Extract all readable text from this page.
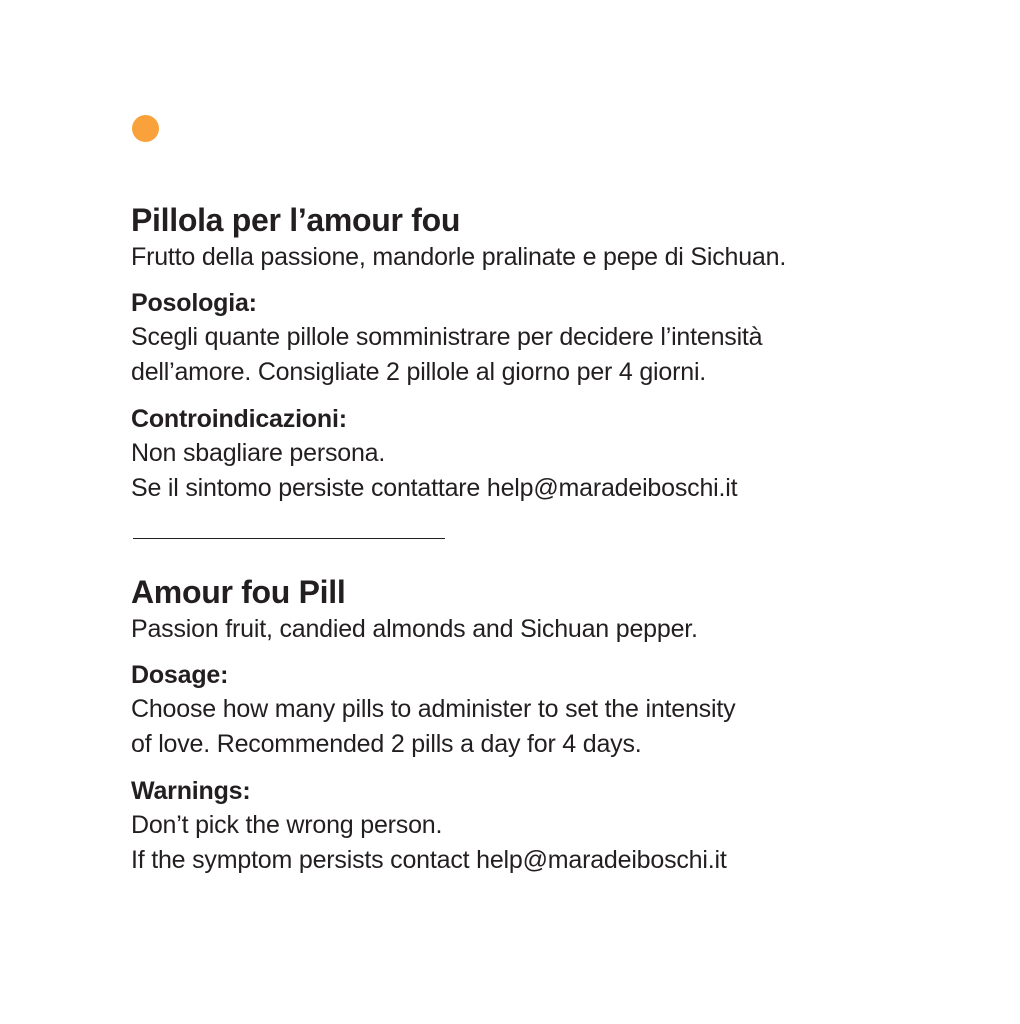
Pillola per l’amour fou

Frutto della passione, mandorle pralinate e pepe di Sichuan.

Posologia:

Scegli quante pillole somministrare per decidere l’intensità

dell’amore. Consigliate 2 pillole al giorno per 4 giorni.

Controindicazioni:

Non sbagliare persona.

Se il sintomo persiste contattare help@maradeiboschi.it

Amour fou Pill

Passion fruit, candied almonds and Sichuan pepper.

Dosage:

Choose how many pills to administer to set the intensity

of love. Recommended 2 pills a day for 4 days.

Warnings:

Don’t pick the wrong person.

If the symptom persists contact help@maradeiboschi.it
